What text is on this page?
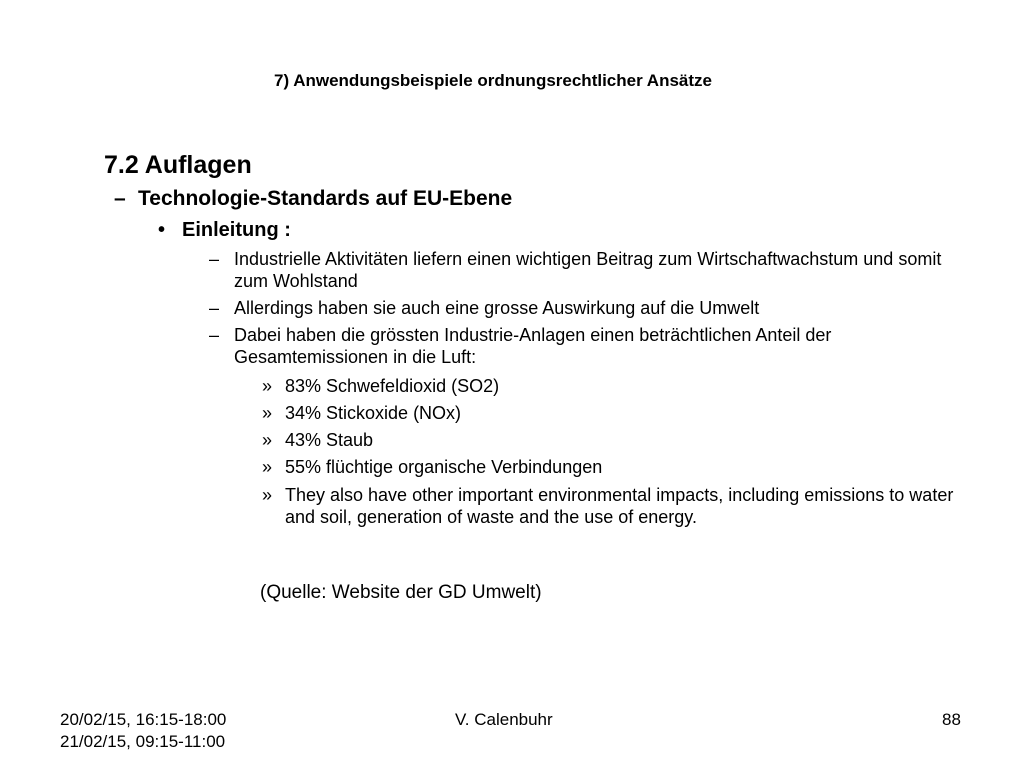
7) Anwendungsbeispiele ordnungsrechtlicher Ansätze
7.2 Auflagen
– Technologie-Standards auf EU-Ebene
• Einleitung :
– Industrielle Aktivitäten liefern einen wichtigen Beitrag zum Wirtschaftwachstum und somit zum Wohlstand
– Allerdings haben sie auch eine grosse Auswirkung auf die Umwelt
– Dabei haben die grössten Industrie-Anlagen einen beträchtlichen Anteil der Gesamtemissionen in die Luft:
» 83% Schwefeldioxid (SO2)
» 34% Stickoxide (NOx)
» 43% Staub
» 55% flüchtige organische Verbindungen
» They also have other important environmental impacts, including emissions to water and soil, generation of waste and the use of energy.
(Quelle: Website der GD Umwelt)
20/02/15, 16:15-18:00
21/02/15, 09:15-11:00
V. Calenbuhr	88
